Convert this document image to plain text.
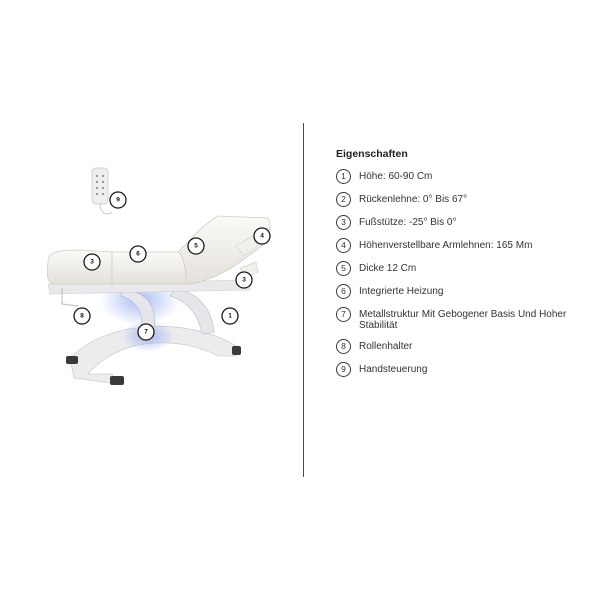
9
4
6
5
3
3
8
7
1
Eigenschaften
1	Höhe: 60-90 Cm
2	Rückenlehne: 0° Bis 67°
3	Fußstütze: -25° Bis 0°
4	Höhenverstellbare Armlehnen: 165 Mm
5	Dicke 12 Cm
6	Integrierte Heizung
7	Metallstruktur Mit Gebogener Basis Und Hoher Stabilität
8	Rollenhalter
9	Handsteuerung
